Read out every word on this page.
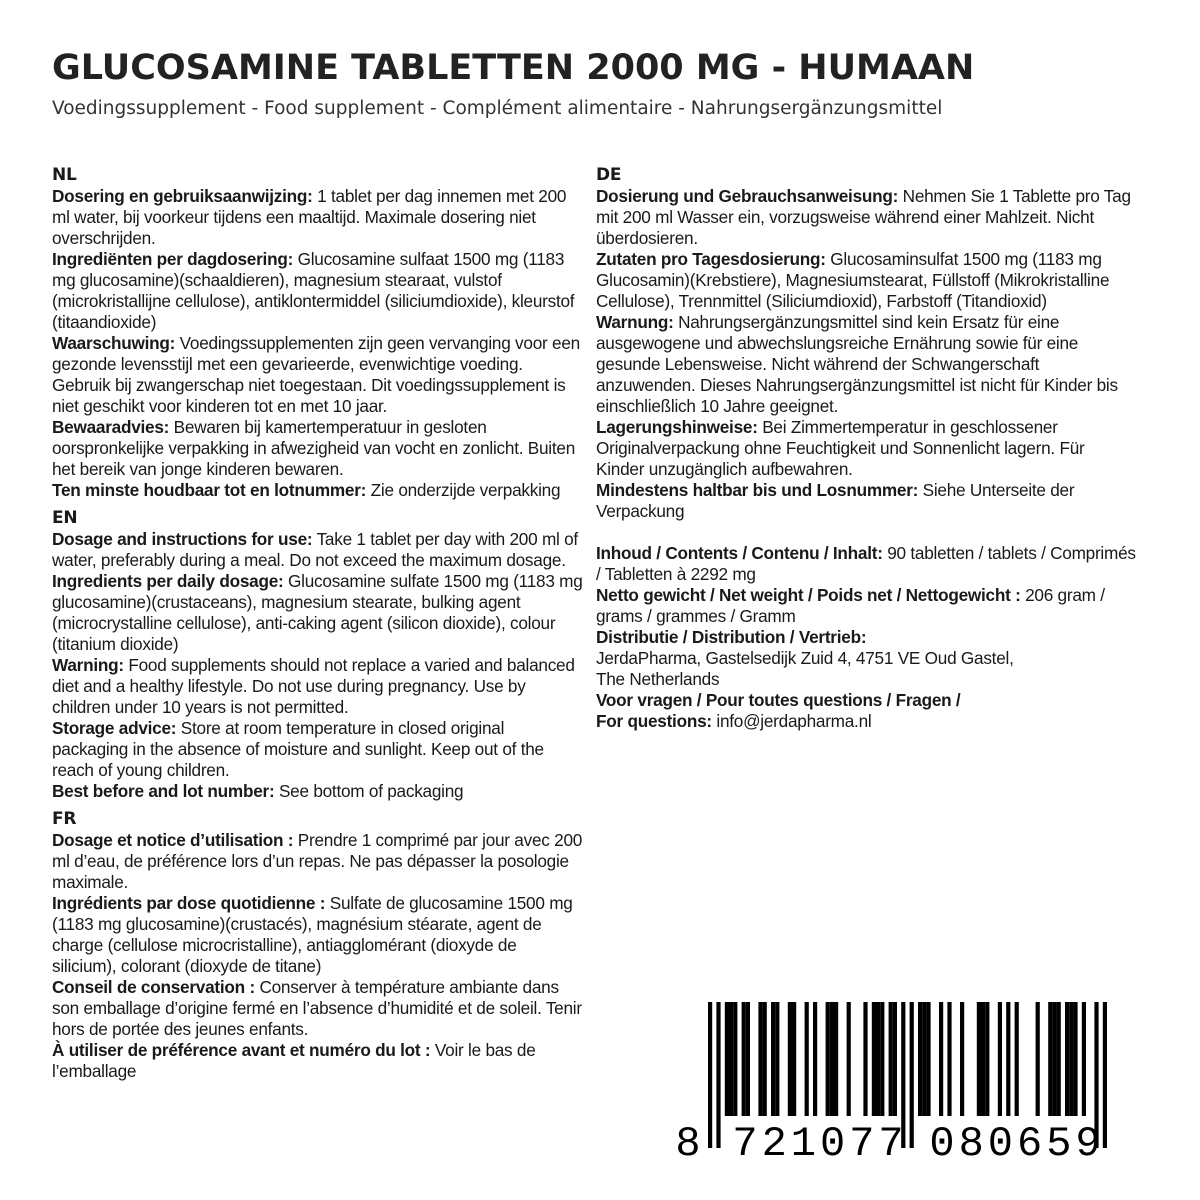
GLUCOSAMINE TABLETTEN 2000 MG - HUMAAN
Voedingssupplement - Food supplement - Complément alimentaire - Nahrungsergänzungsmittel
NL

Dosering en gebruiksaanwijzing: 1 tablet per dag innemen met 200 ml water, bij voorkeur tijdens een maaltijd. Maximale dosering niet overschrijden.

Ingrediënten per dagdosering: Glucosamine sulfaat 1500 mg (1183 mg glucosamine)(schaaldieren), magnesium stearaat, vulstof (microkristallijne cellulose), antiklontermiddel (siliciumdioxide), kleurstof (titaandioxide)

Waarschuwing: Voedingssupplementen zijn geen vervanging voor een gezonde levensstijl met een gevarieerde, evenwichtige voeding. Gebruik bij zwangerschap niet toegestaan. Dit voedingssupplement is niet geschikt voor kinderen tot en met 10 jaar.

Bewaaradvies: Bewaren bij kamertemperatuur in gesloten oorspronkelijke verpakking in afwezigheid van vocht en zonlicht. Buiten het bereik van jonge kinderen bewaren.

Ten minste houdbaar tot en lotnummer: Zie onderzijde verpakking

EN

Dosage and instructions for use: Take 1 tablet per day with 200 ml of water, preferably during a meal. Do not exceed the maximum dosage.

Ingredients per daily dosage: Glucosamine sulfate 1500 mg (1183 mg glucosamine)(crustaceans), magnesium stearate, bulking agent (microcrystalline cellulose), anti-caking agent (silicon dioxide), colour (titanium dioxide)

Warning: Food supplements should not replace a varied and balanced diet and a healthy lifestyle. Do not use during pregnancy. Use by children under 10 years is not permitted.

Storage advice: Store at room temperature in closed original packaging in the absence of moisture and sunlight. Keep out of the reach of young children.

Best before and lot number: See bottom of packaging

FR

Dosage et notice d’utilisation : Prendre 1 comprimé par jour avec 200 ml d’eau, de préférence lors d’un repas. Ne pas dépasser la posologie maximale.

Ingrédients par dose quotidienne : Sulfate de glucosamine 1500 mg (1183 mg glucosamine)(crustacés), magnésium stéarate, agent de charge (cellulose microcristalline), antiagglomérant (dioxyde de silicium), colorant (dioxyde de titane)

Conseil de conservation : Conserver à température ambiante dans son emballage d’origine fermé en l’absence d’humidité et de soleil. Tenir hors de portée des jeunes enfants.

À utiliser de préférence avant et numéro du lot : Voir le bas de l’emballage

DE

Dosierung und Gebrauchsanweisung: Nehmen Sie 1 Tablette pro Tag mit 200 ml Wasser ein, vorzugsweise während einer Mahlzeit. Nicht überdosieren.

Zutaten pro Tagesdosierung: Glucosaminsulfat 1500 mg (1183 mg Glucosamin)(Krebstiere), Magnesiumstearat, Füllstoff (Mikrokristalline Cellulose), Trennmittel (Siliciumdioxid), Farbstoff (Titandioxid)

Warnung: Nahrungsergänzungsmittel sind kein Ersatz für eine ausgewogene und abwechslungsreiche Ernährung sowie für eine gesunde Lebensweise. Nicht während der Schwangerschaft anzuwenden. Dieses Nahrungsergänzungsmittel ist nicht für Kinder bis einschließlich 10 Jahre geeignet.

Lagerungshinweise: Bei Zimmertemperatur in geschlossener Originalverpackung ohne Feuchtigkeit und Sonnenlicht lagern. Für Kinder unzugänglich aufbewahren.

Mindestens haltbar bis und Losnummer: Siehe Unterseite der Verpackung

Inhoud / Contents / Contenu / Inhalt: 90 tabletten / tablets / Comprimés / Tabletten à 2292 mg

Netto gewicht / Net weight / Poids net / Nettogewicht : 206 gram / grams / grammes / Gramm

Distributie / Distribution / Vertrieb:

JerdaPharma, Gastelsedijk Zuid 4, 4751 VE Oud Gastel,
The Netherlands

Voor vragen / Pour toutes questions / Fragen /

For questions: info@jerdapharma.nl

8 721077 080659
